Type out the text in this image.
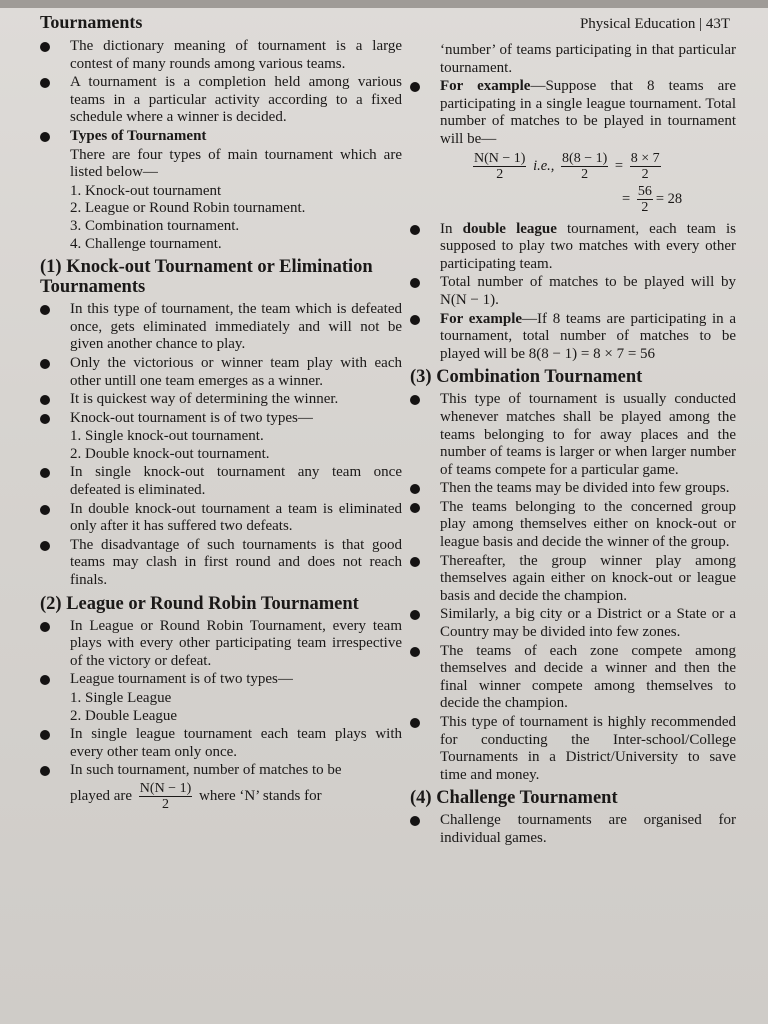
Tournaments	Physical Education | 43T
The dictionary meaning of tournament is a large contest of many rounds among various teams.
A tournament is a completion held among various teams in a particular activity according to a fixed schedule where a winner is decided.
Types of Tournament
There are four types of main tournament which are listed below—
1. Knock-out tournament
2. League or Round Robin tournament.
3. Combination tournament.
4. Challenge tournament.
(1) Knock-out Tournament or Elimination Tournaments
In this type of tournament, the team which is defeated once, gets eliminated immediately and will not be given another chance to play.
Only the victorious or winner team play with each other untill one team emerges as a winner.
It is quickest way of determining the winner.
Knock-out tournament is of two types—
1. Single knock-out tournament.
2. Double knock-out tournament.
In single knock-out tournament any team once defeated is eliminated.
In double knock-out tournament a team is eliminated only after it has suffered two defeats.
The disadvantage of such tournaments is that good teams may clash in first round and does not reach finals.
(2) League or Round Robin Tournament
In League or Round Robin Tournament, every team plays with every other participating team irrespective of the victory or defeat.
League tournament is of two types—
1. Single League
2. Double League
In single league tournament each team plays with every other team only once.
In such tournament, number of matches to be
played are $\frac{N(N - 1)}{2}$ where ‘N’ stands for
‘number’ of teams participating in that particular tournament.
For example—Suppose that 8 teams are participating in a single league tournament. Total number of matches to be played in tournament will be—
$\frac{N(N - 1)}{2} i.e$., $\frac{8(8 - 1)}{2} = \frac{8 \times 7}{2}$
= $\frac{56}{2} = 28$
In double league tournament, each team is supposed to play two matches with every other participating team.
Total number of matches to be played will by N(N − 1).
For example—If 8 teams are participating in a tournament, total number of matches to be played will be 8(8 − 1) = 8 × 7 = 56
(3) Combination Tournament
This type of tournament is usually conducted whenever matches shall be played among the teams belonging to for away places and the number of teams is larger or when larger number of teams compete for a particular game.
Then the teams may be divided into few groups.
The teams belonging to the concerned group play among themselves either on knock-out or league basis and decide the winner of the group.
Thereafter, the group winner play among themselves again either on knock-out or league basis and decide the champion.
Similarly, a big city or a District or a State or a Country may be divided into few zones.
The teams of each zone compete among themselves and decide a winner and then the final winner compete among themselves to decide the champion.
This type of tournament is highly recommended for conducting the Inter-school/College Tournaments in a District/University to save time and money.
(4) Challenge Tournament
Challenge tournaments are organised for individual games.
